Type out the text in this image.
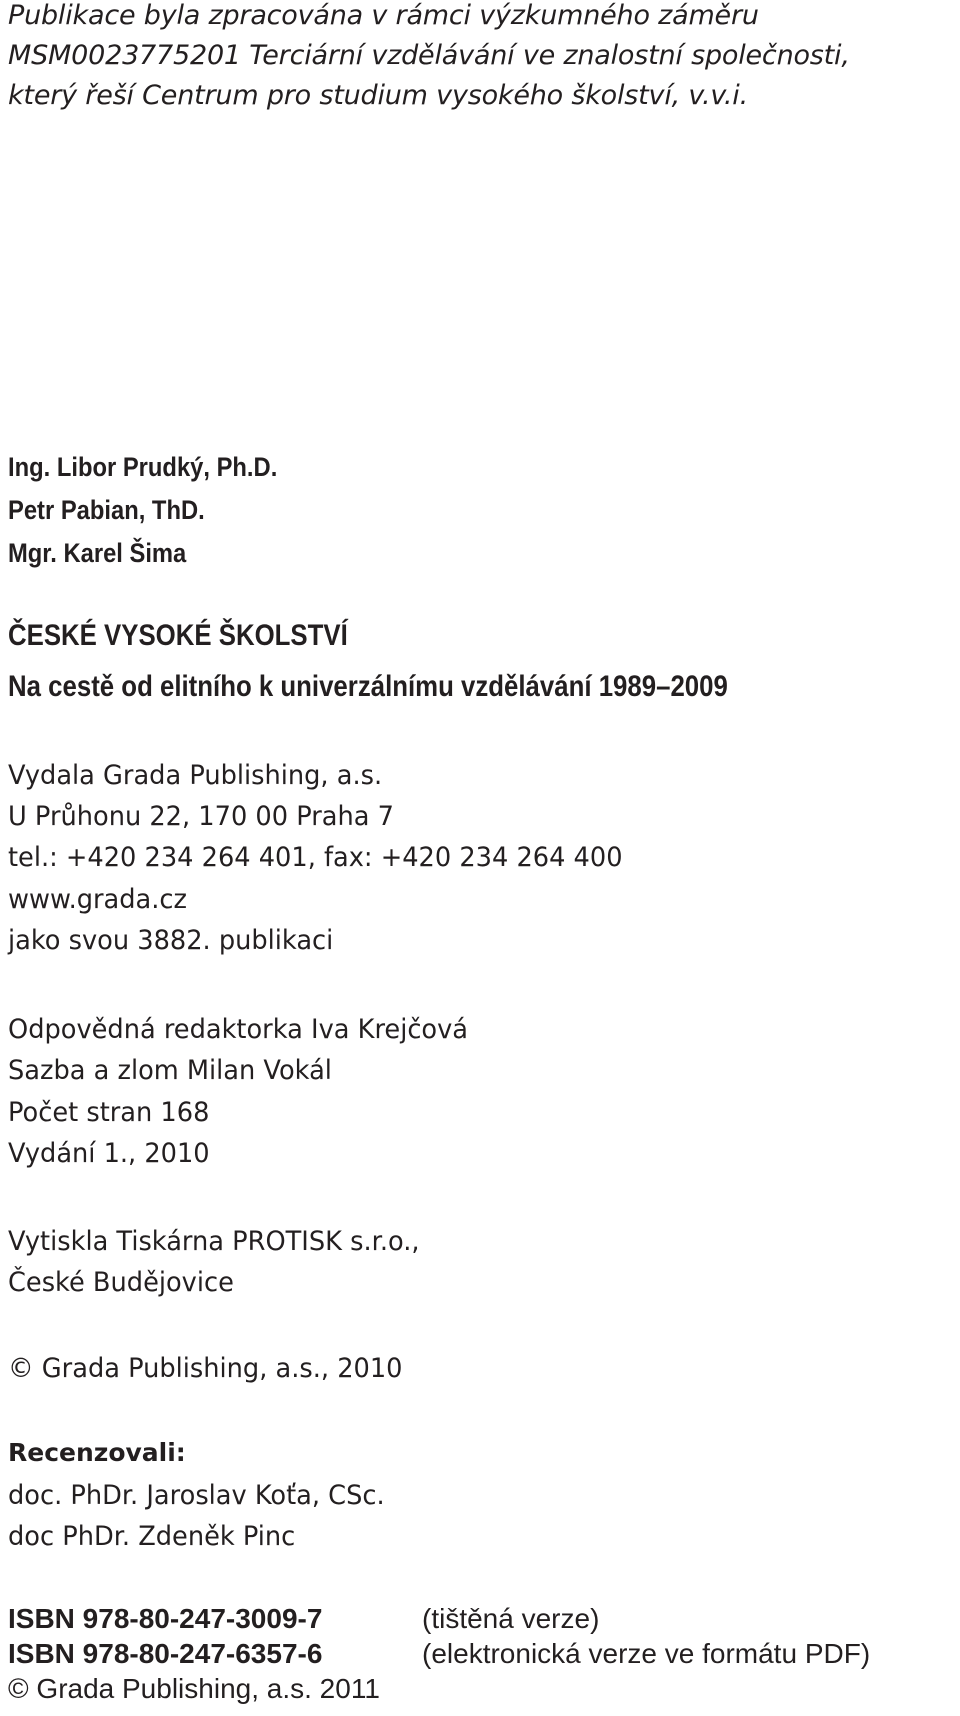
Publikace byla zpracována v rámci výzkumného záměru
MSM0023775201 Terciární vzdělávání ve znalostní společnosti,
který řeší Centrum pro studium vysokého školství, v.v.i.
Ing. Libor Prudký, Ph.D.
Petr Pabian, ThD.
Mgr. Karel Šima
ČESKÉ VYSOKÉ ŠKOLSTVÍ
Na cestě od elitního k univerzálnímu vzdělávání 1989–2009
Vydala Grada Publishing, a.s.
U Průhonu 22, 170 00 Praha 7
tel.: +420 234 264 401, fax: +420 234 264 400
www.grada.cz
jako svou 3882. publikaci
Odpovědná redaktorka Iva Krejčová
Sazba a zlom Milan Vokál
Počet stran 168
Vydání 1., 2010
Vytiskla Tiskárna PROTISK s.r.o.,
České Budějovice
© Grada Publishing, a.s., 2010
Recenzovali:
doc. PhDr. Jaroslav Koťa, CSc.
doc PhDr. Zdeněk Pinc
ISBN 978-80-247-3009-7	(tištěná verze)
ISBN 978-80-247-6357-6	(elektronická verze ve formátu PDF)
© Grada Publishing, a.s. 2011
